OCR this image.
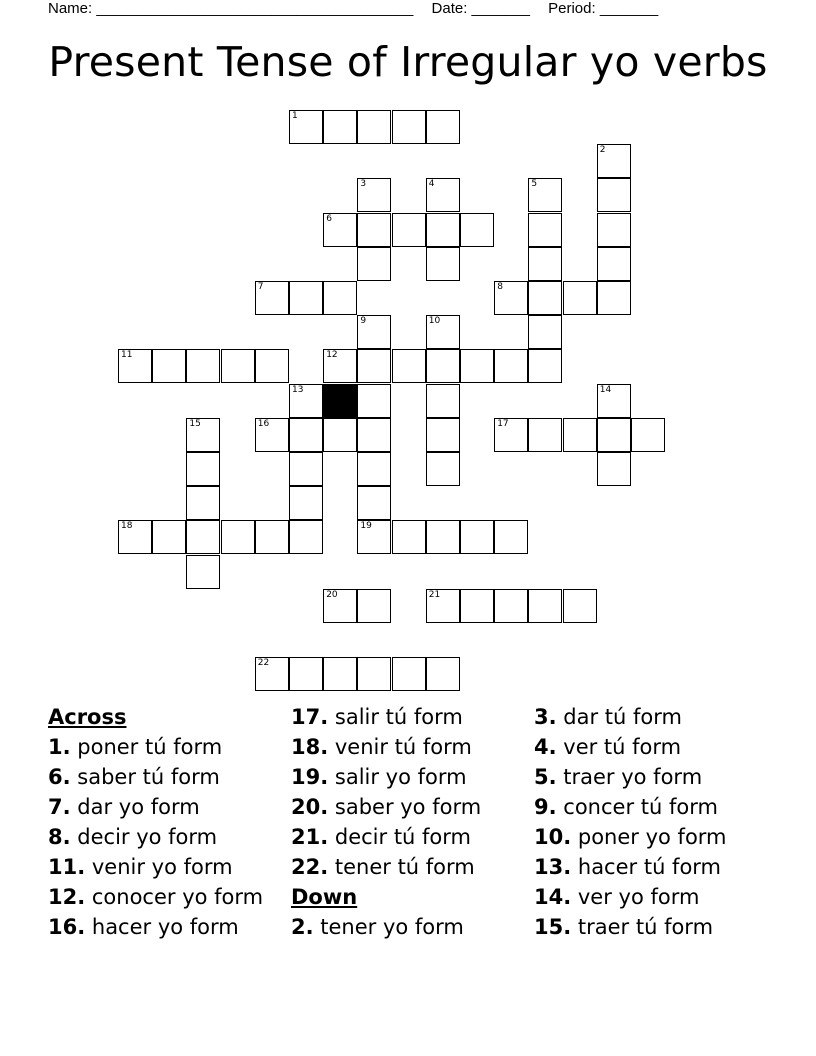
Name: ______________________________________ Date: _______ Period: _______
Present Tense of Irregular yo verbs
1
2
3	4	5
6
7	8
9	10
11	12
13	14
15	16	17
18	19
20	21
22
Across
1. poner tú form
6. saber tú form
7. dar yo form
8. decir yo form
11. venir yo form
12. conocer yo form
16. hacer yo form
17. salir tú form
18. venir tú form
19. salir yo form
20. saber yo form
21. decir tú form
22. tener tú form
Down
2. tener yo form
3. dar tú form
4. ver tú form
5. traer yo form
9. concer tú form
10. poner yo form
13. hacer tú form
14. ver yo form
15. traer tú form
